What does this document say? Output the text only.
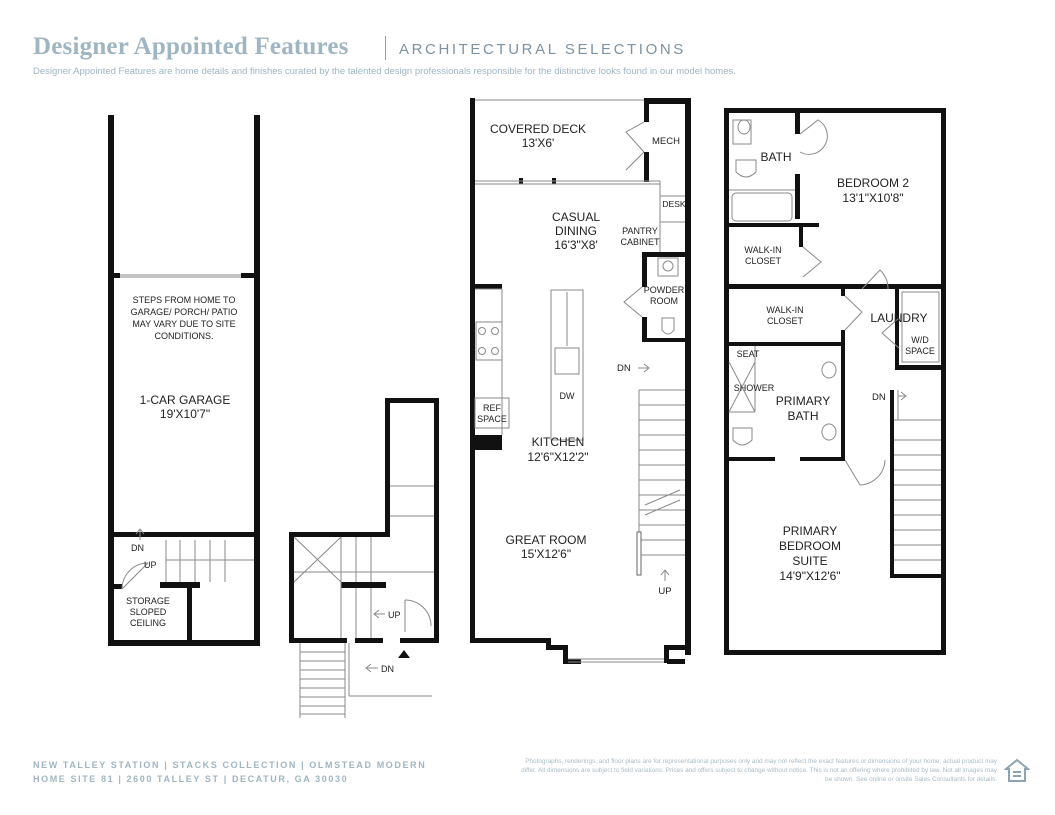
Designer Appointed Features	ARCHITECTURAL SELECTIONS
Designer Appointed Features are home details and finishes curated by the talented design professionals responsible for the distinctive looks found in our model homes.
STEPS FROM HOME TO
GARAGE/ PORCH/ PATIO
MAY VARY DUE TO SITE
CONDITIONS.
1-CAR GARAGE
19'X10'7"
DN
UP
STORAGE
SLOPED
CEILING
UP
DN
COVERED DECK
13'X6'	MECH
DESK
CASUAL
DINING
16'3"X8'
PANTRY
CABINET
POWDER
ROOM
DN
REF
SPACE
DW
KITCHEN
12'6"X12'2"
GREAT ROOM
15'X12'6"
UP
BATH
BEDROOM 2
13'1"X10'8"
WALK-IN
CLOSET
WALK-IN
CLOSET	LAUNDRY
W/D
SPACE
SEAT
SHOWER
PRIMARY
BATH
DN
PRIMARY
BEDROOM
SUITE
14'9"X12'6"
NEW TALLEY STATION | STACKS COLLECTION | OLMSTEAD MODERN
HOME SITE 81 | 2600 TALLEY ST | DECATUR, GA 30030
Photographs, renderings, and floor plans are for representational purposes only and may not reflect the exact features or dimensions of your home; actual product may differ. All dimensions are subject to field variations. Prices and offers subject to change without notice. This is not an offering where prohibited by law. Not all images may be shown. See online or onsite Sales Consultants for details.
